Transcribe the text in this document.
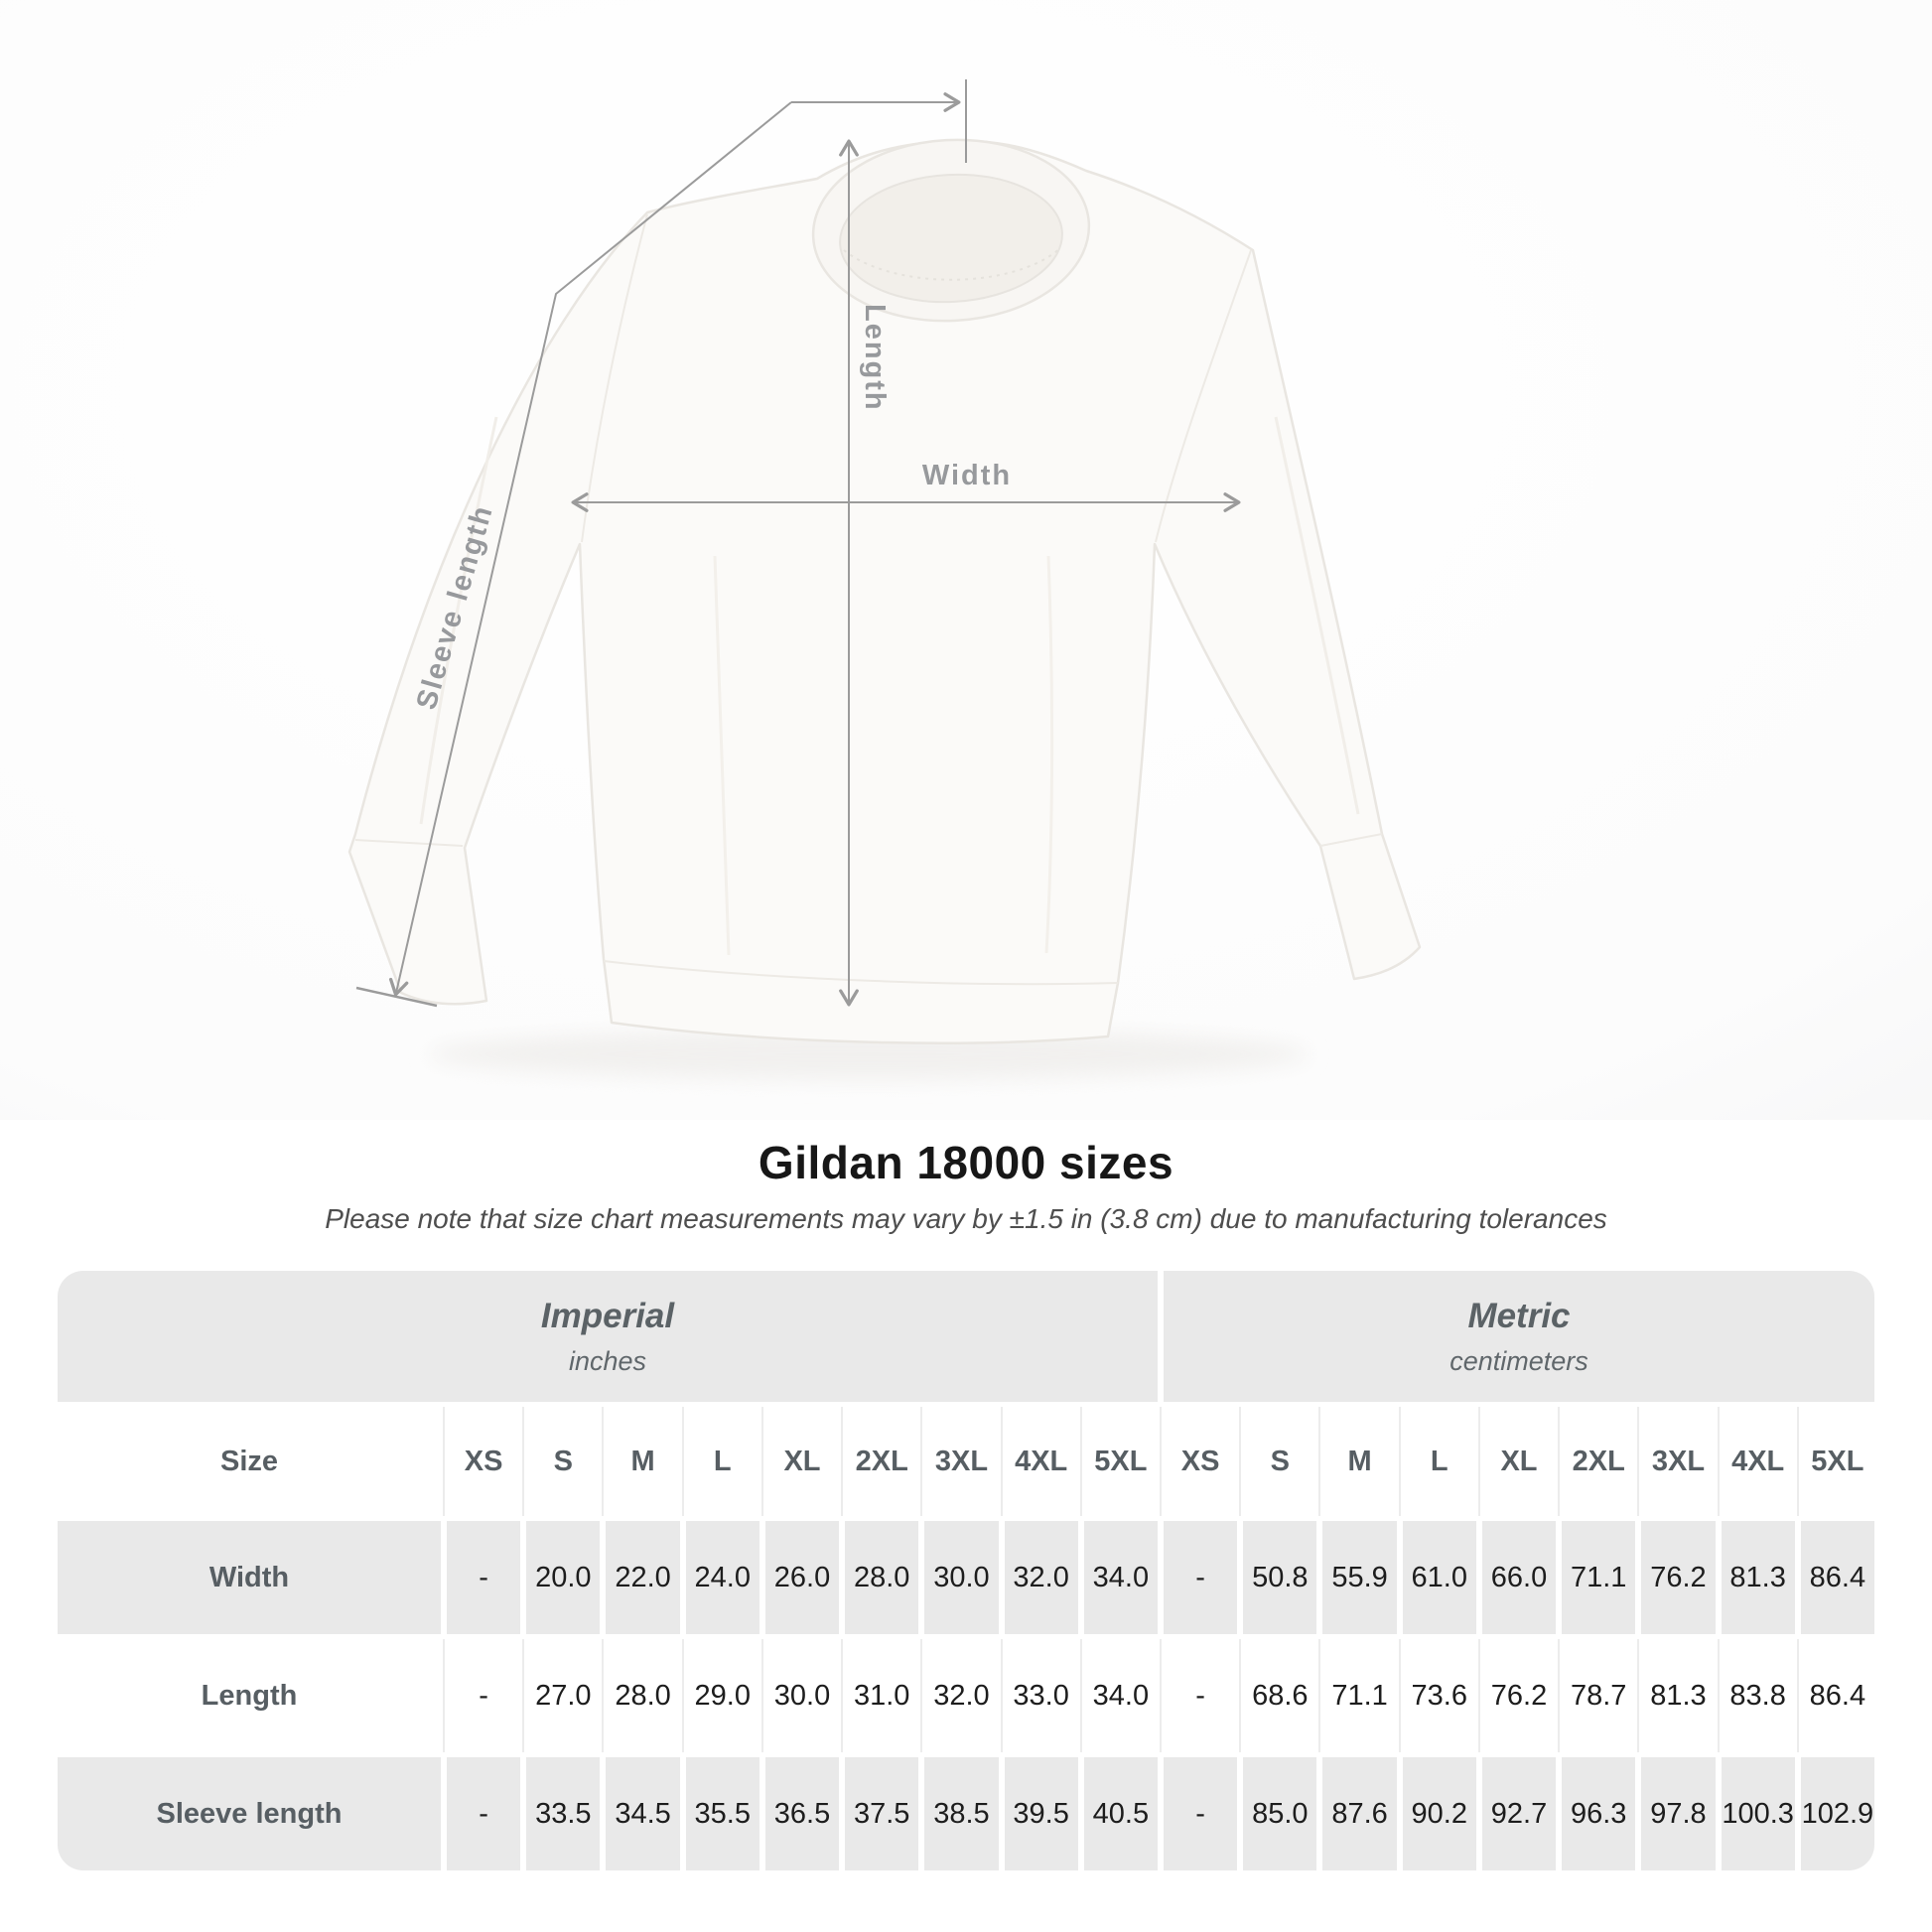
Length
Width
Sleeve length
Gildan 18000 sizes

Please note that size chart measurements may vary by ±1.5 in (3.8 cm) due to manufacturing tolerances

Imperial
inches
Metric
centimeters
Size	XS	S	M	L	XL	2XL 3XL 4XL 5XL	XS	S	M	L	XL	2XL 3XL 4XL 5XL
Width	-	20.0 22.0 24.0 26.0 28.0 30.0 32.0 34.0	-	50.8 55.9 61.0 66.0 71.1 76.2 81.3 86.4
Length	-	27.0 28.0 29.0 30.0 31.0 32.0 33.0 34.0	-	68.6 71.1 73.6 76.2 78.7 81.3 83.8 86.4
Sleeve length	-	33.5 34.5 35.5 36.5 37.5 38.5 39.5 40.5	-	85.0 87.6 90.2 92.7 96.3 97.8 100.3 102.9
